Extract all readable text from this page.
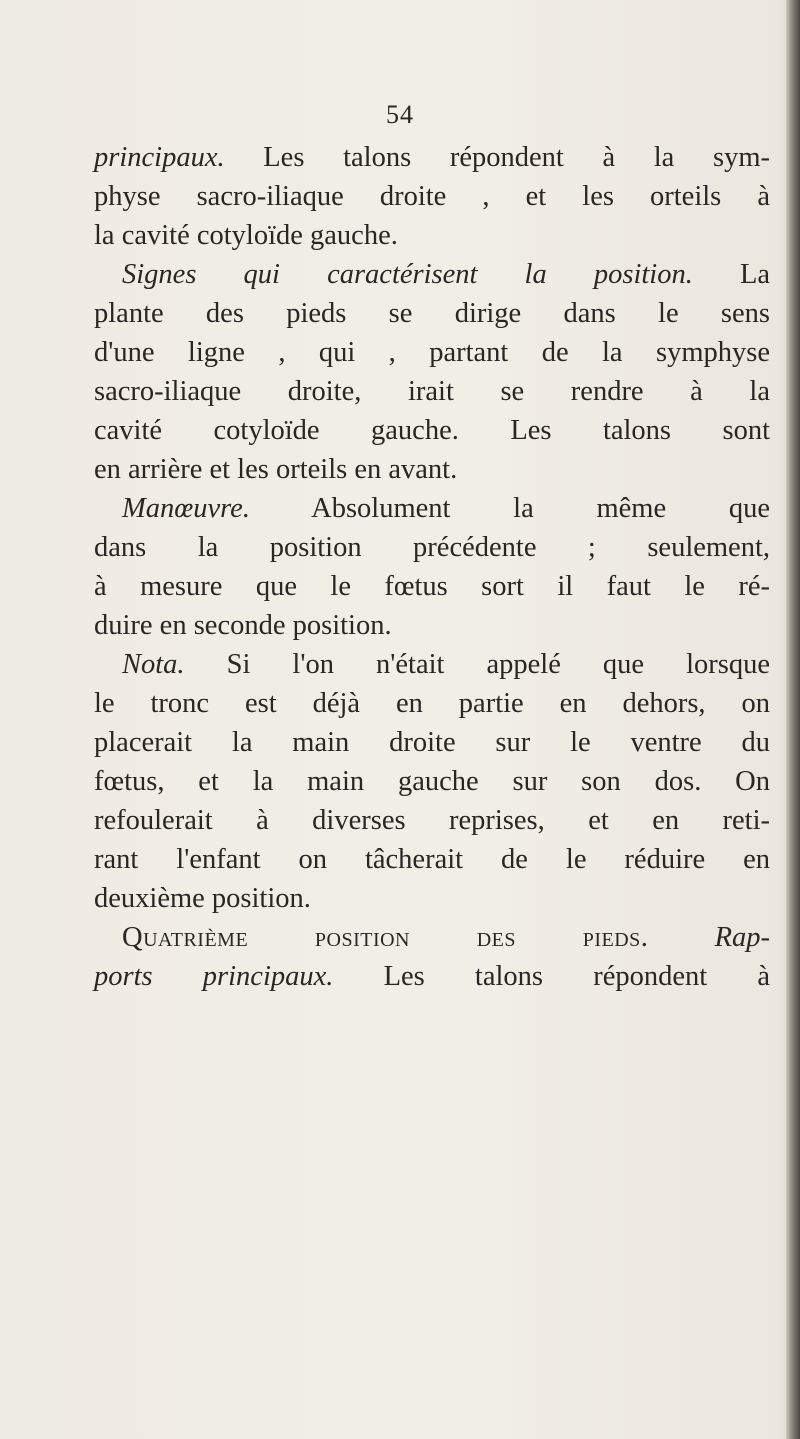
54
principaux. Les talons répondent à la sym-
physe sacro-iliaque droite , et les orteils à
la cavité cotyloïde gauche.
Signes qui caractérisent la position. La
plante des pieds se dirige dans le sens
d'une ligne , qui , partant de la symphyse
sacro-iliaque droite, irait se rendre à la
cavité cotyloïde gauche. Les talons sont
en arrière et les orteils en avant.
Manœuvre. Absolument la même que
dans la position précédente ; seulement,
à mesure que le fœtus sort il faut le ré-
duire en seconde position.
Nota. Si l'on n'était appelé que lorsque
le tronc est déjà en partie en dehors, on
placerait la main droite sur le ventre du
fœtus, et la main gauche sur son dos. On
refoulerait à diverses reprises, et en reti-
rant l'enfant on tâcherait de le réduire en
deuxième position.
Quatrième position des pieds. Rap-
ports principaux. Les talons répondent à
